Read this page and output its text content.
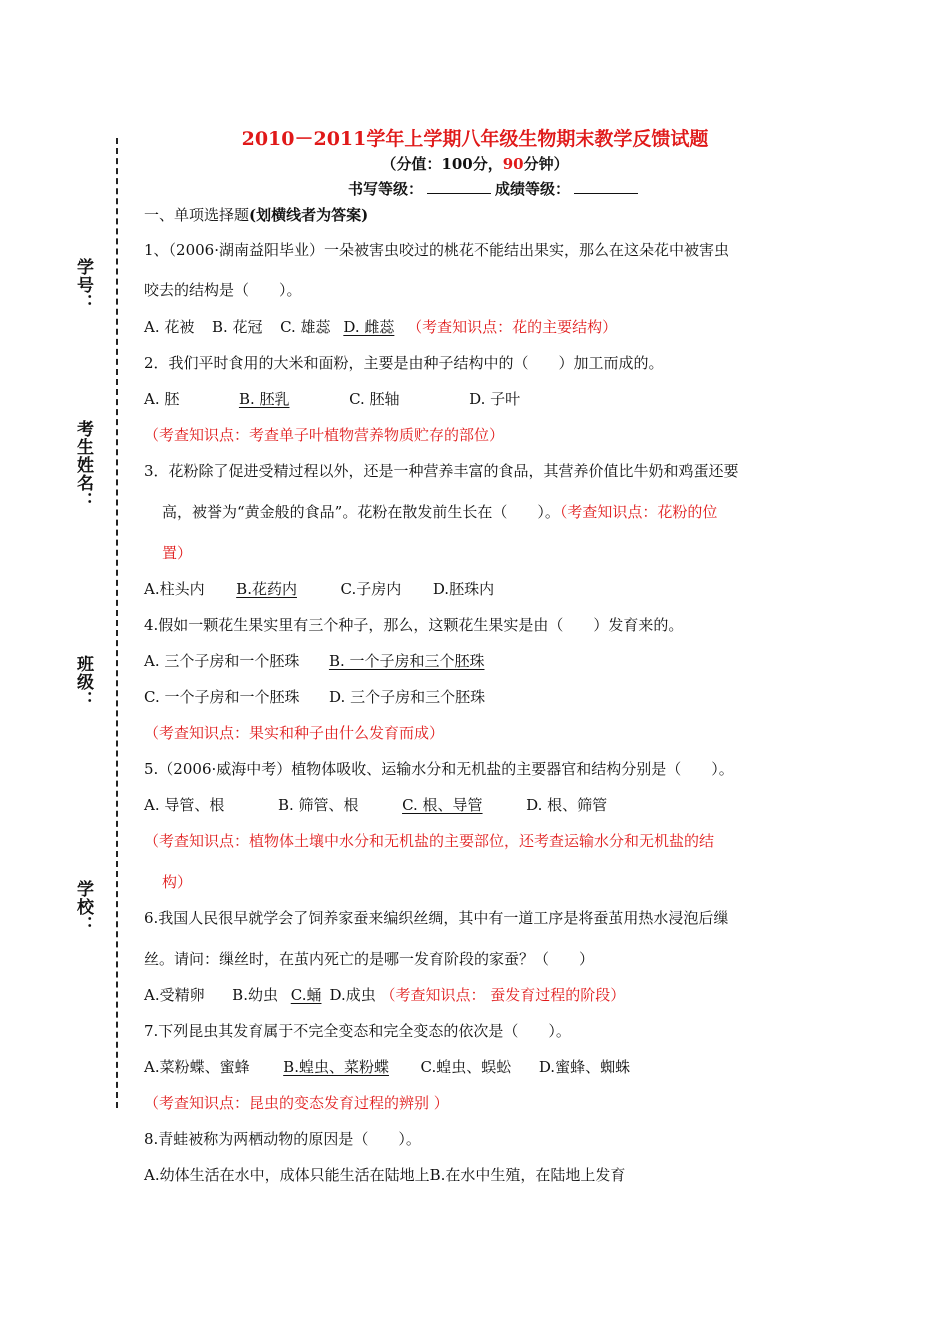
学号：
考生姓名：
班级：
学校：
2010－2011学年上学期八年级生物期末教学反馈试题
（分值：100分，90分钟）
书写等级：	成绩等级：
一、单项选择题(划横线者为答案)
1、（2006·湖南益阳毕业）一朵被害虫咬过的桃花不能结出果实，那么在这朵花中被害虫
咬去的结构是（　　）。
A. 花被 B. 花冠 C. 雄蕊 D. 雌蕊 （考查知识点：花的主要结构）
2．我们平时食用的大米和面粉，主要是由种子结构中的（　　）加工而成的。
A. 胚	B. 胚乳	C. 胚轴	D. 子叶
（考查知识点：考查单子叶植物营养物质贮存的部位）
3．花粉除了促进受精过程以外，还是一种营养丰富的食品，其营养价值比牛奶和鸡蛋还要
高，被誉为“黄金般的食品”。花粉在散发前生长在（　　）。（考查知识点：花粉的位
置）
A.柱头内 B.花药内	C.子房内 D.胚珠内
4.假如一颗花生果实里有三个种子，那么，这颗花生果实是由（　　）发育来的。
A. 三个子房和一个胚珠 B. 一个子房和三个胚珠
C. 一个子房和一个胚珠 D. 三个子房和三个胚珠
（考查知识点：果实和种子由什么发育而成）
5.（2006·威海中考）植物体吸收、运输水分和无机盐的主要器官和结构分别是（　　）。
A. 导管、根	B. 筛管、根	C. 根、导管	D. 根、筛管
（考查知识点：植物体土壤中水分和无机盐的主要部位，还考查运输水分和无机盐的结
构）
6.我国人民很早就学会了饲养家蚕来编织丝绸，其中有一道工序是将蚕茧用热水浸泡后缫
丝。请问：缫丝时，在茧内死亡的是哪一发育阶段的家蚕？（　　）
A.受精卵 B.幼虫 C.蛹 D.成虫 （考查知识点： 蚕发育过程的阶段）
7.下列昆虫其发育属于不完全变态和完全变态的依次是（　　）。
A.菜粉蝶、蜜蜂 B.蝗虫、菜粉蝶 C.蝗虫、蜈蚣 D.蜜蜂、蜘蛛
（考查知识点：昆虫的变态发育过程的辨别 ）
8.青蛙被称为两栖动物的原因是（　　）。
A.幼体生活在水中，成体只能生活在陆地上B.在水中生殖，在陆地上发育
